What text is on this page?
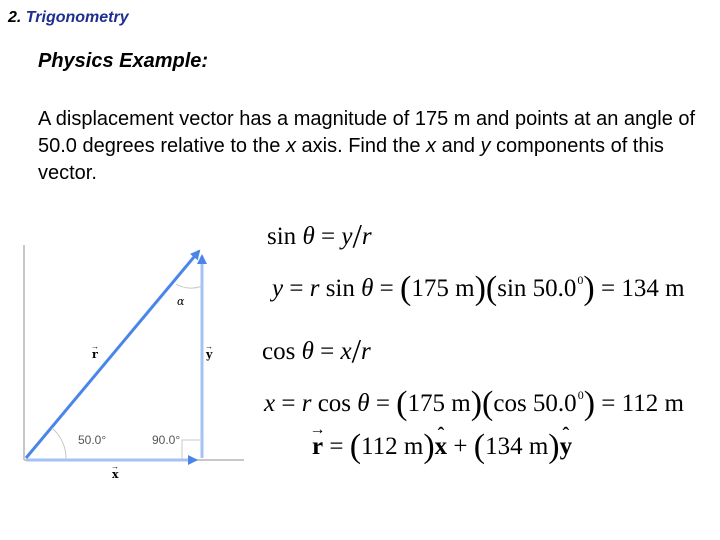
2. Trigonometry
Physics Example:
A displacement vector has a magnitude of 175 m and points at an angle of 50.0 degrees relative to the x axis. Find the x and y components of this vector.
r
→
y
→
x
→
α
50.0°	90.0°
sin θ = y/r
y = r sin θ = (175 m)(sin $50.0^0) = 134$ m
cos θ = x/r
x = r cos θ = (175 m)(cos $50.0^0) = 112$ m
→ r = (112 m)ˆ x + (134 m)ˆ y
